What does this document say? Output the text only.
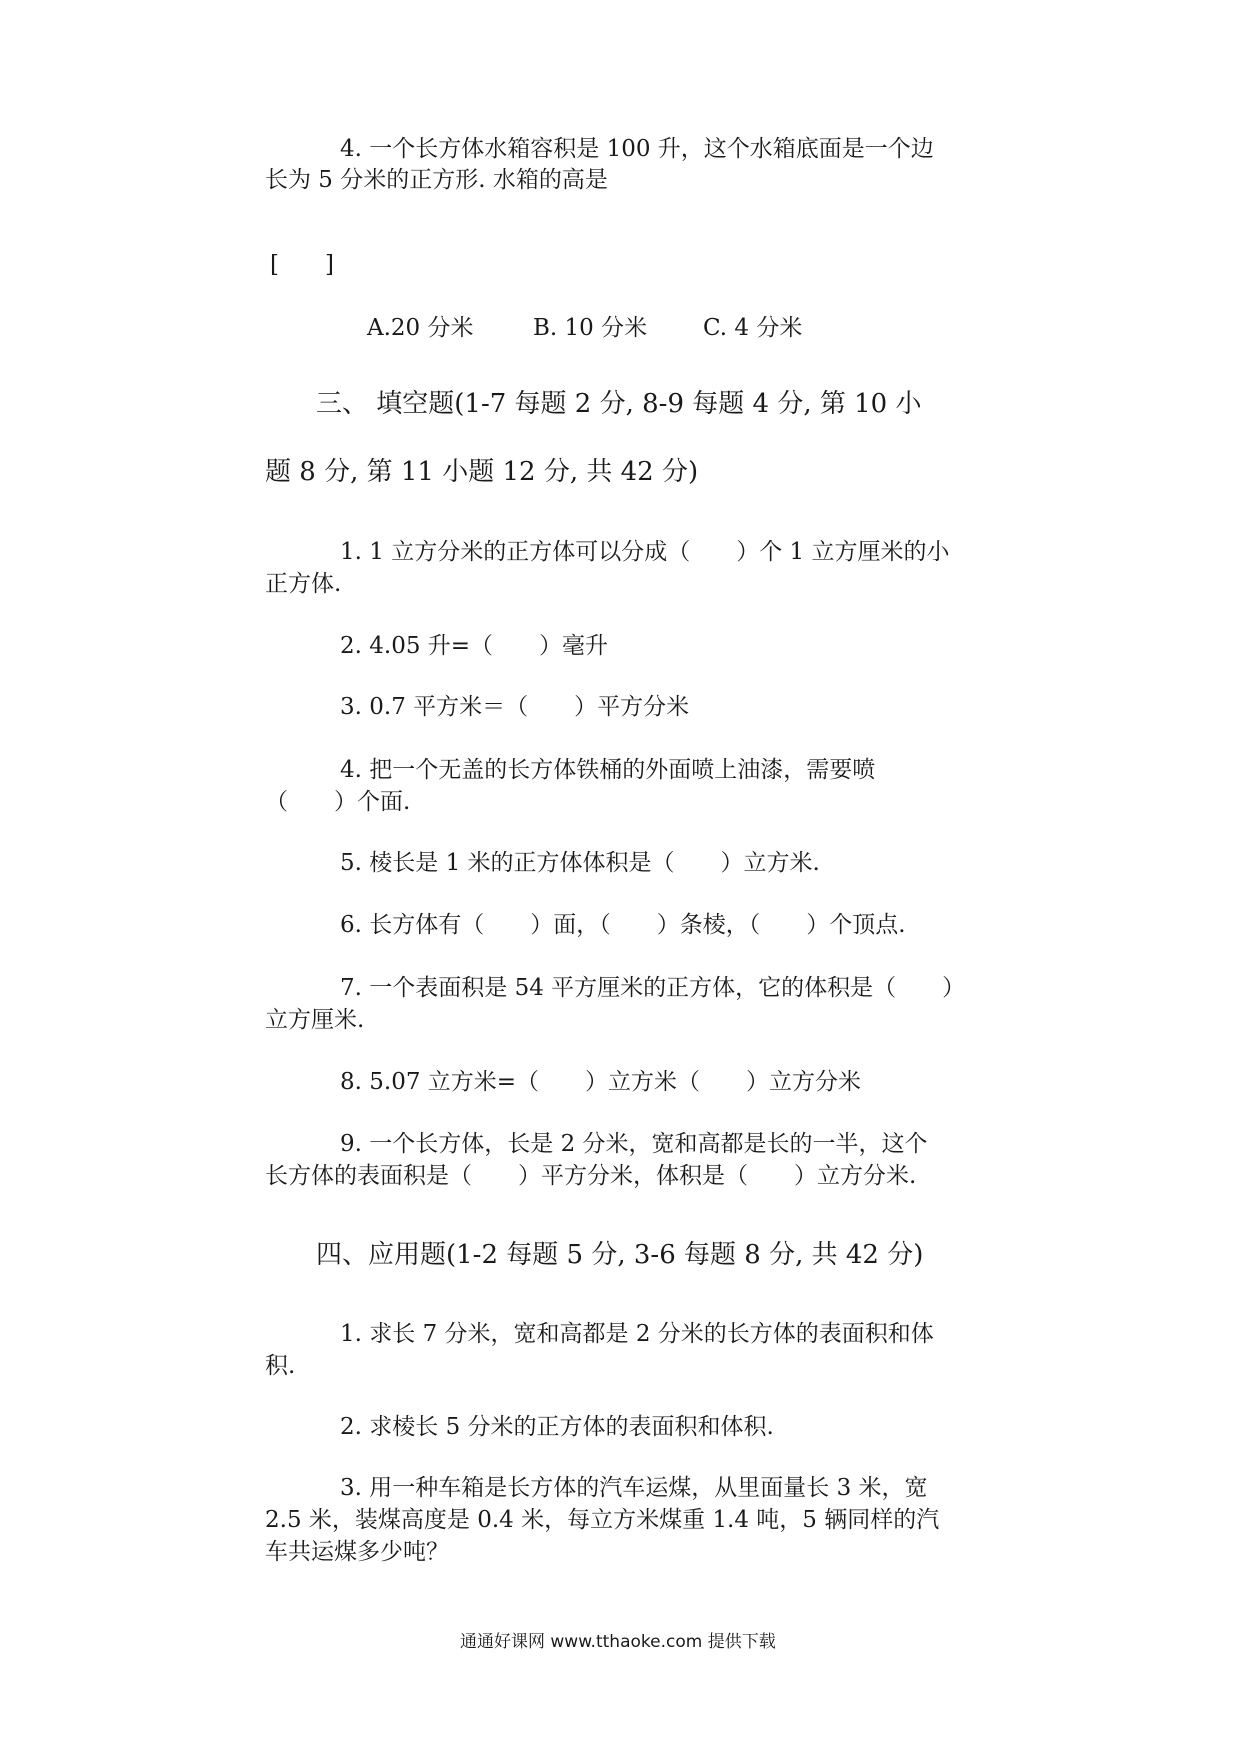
4. 一个长方体水箱容积是 100 升，这个水箱底面是一个边
长为 5 分米的正方形. 水箱的高是
[　　]
A.20 分米	B. 10 分米 C. 4 分米
三、 填空题(1-7 每题 2 分, 8-9 每题 4 分, 第 10 小
题 8 分, 第 11 小题 12 分, 共 42 分)
1. 1 立方分米的正方体可以分成（　　）个 1 立方厘米的小
正方体.
2. 4.05 升=（　　）毫升
3. 0.7 平方米＝（　　）平方分米
4. 把一个无盖的长方体铁桶的外面喷上油漆，需要喷
（　　）个面.
5. 棱长是 1 米的正方体体积是（　　）立方米.
6. 长方体有（　　）面，（　　）条棱，（　　）个顶点.
7. 一个表面积是 54 平方厘米的正方体，它的体积是（　　）
立方厘米.
8. 5.07 立方米=（　　）立方米（　　）立方分米
9. 一个长方体，长是 2 分米，宽和高都是长的一半，这个
长方体的表面积是（　　）平方分米，体积是（　　）立方分米.
四、应用题(1-2 每题 5 分, 3-6 每题 8 分, 共 42 分)
1. 求长 7 分米，宽和高都是 2 分米的长方体的表面积和体
积.
2. 求棱长 5 分米的正方体的表面积和体积.
3. 用一种车箱是长方体的汽车运煤，从里面量长 3 米，宽
2.5 米，装煤高度是 0.4 米，每立方米煤重 1.4 吨，5 辆同样的汽
车共运煤多少吨？
通通好课网 www.tthaoke.com 提供下载
